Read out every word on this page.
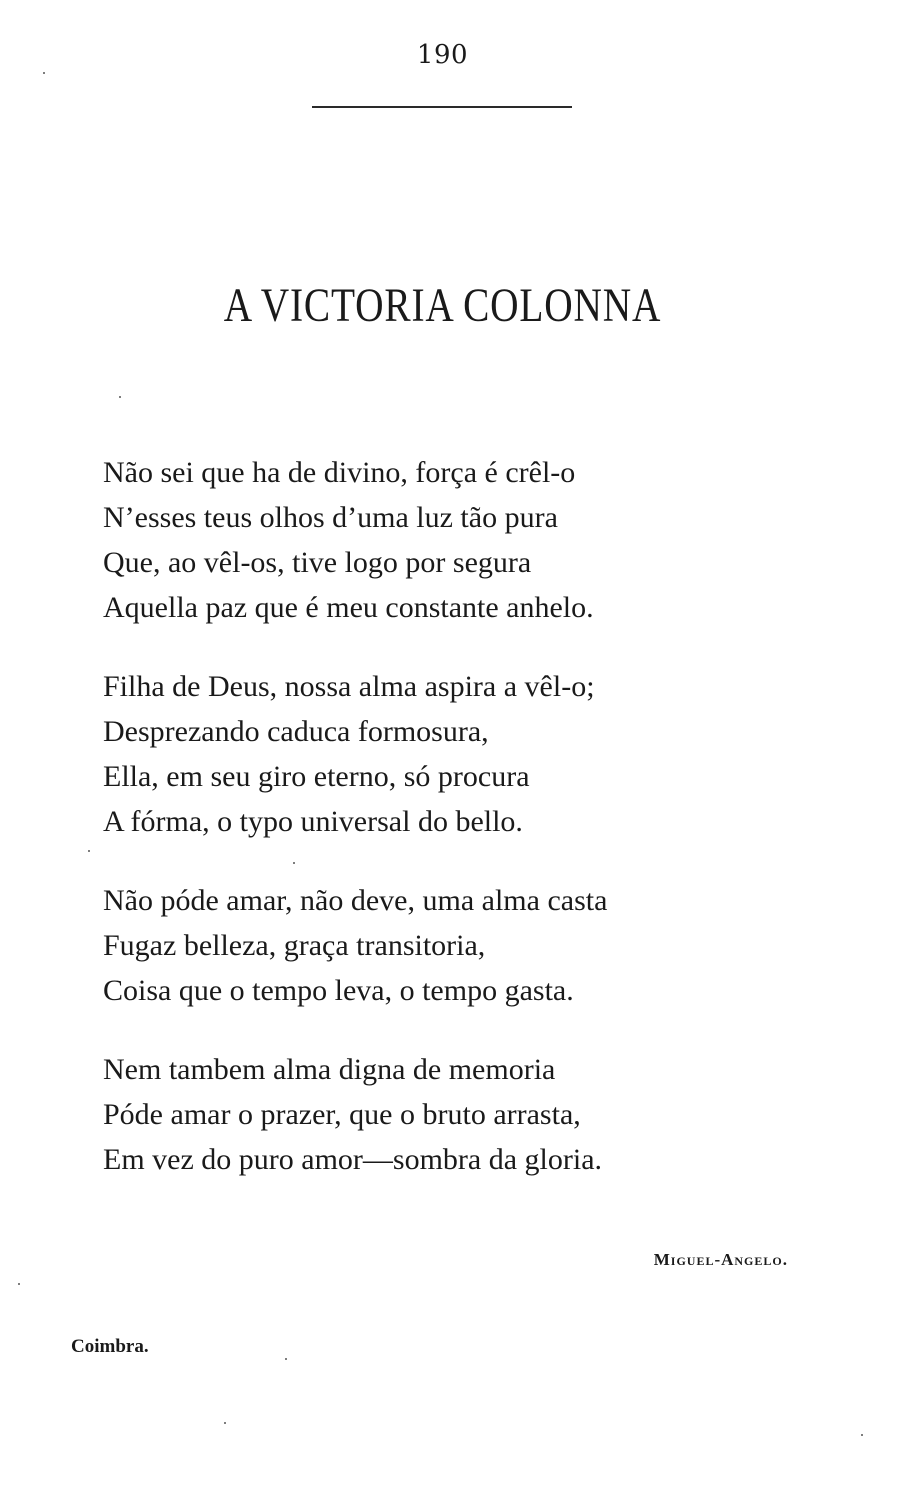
190
A VICTORIA COLONNA
Não sei que ha de divino, força é crêl-o
N’esses teus olhos d’uma luz tão pura
Que, ao vêl-os, tive logo por segura
Aquella paz que é meu constante anhelo.
Filha de Deus, nossa alma aspira a vêl-o;
Desprezando caduca formosura,
Ella, em seu giro eterno, só procura
A fórma, o typo universal do bello.
Não póde amar, não deve, uma alma casta
Fugaz belleza, graça transitoria,
Coisa que o tempo leva, o tempo gasta.
Nem tambem alma digna de memoria
Póde amar o prazer, que o bruto arrasta,
Em vez do puro amor—sombra da gloria.
Miguel-Angelo.
Coimbra.
